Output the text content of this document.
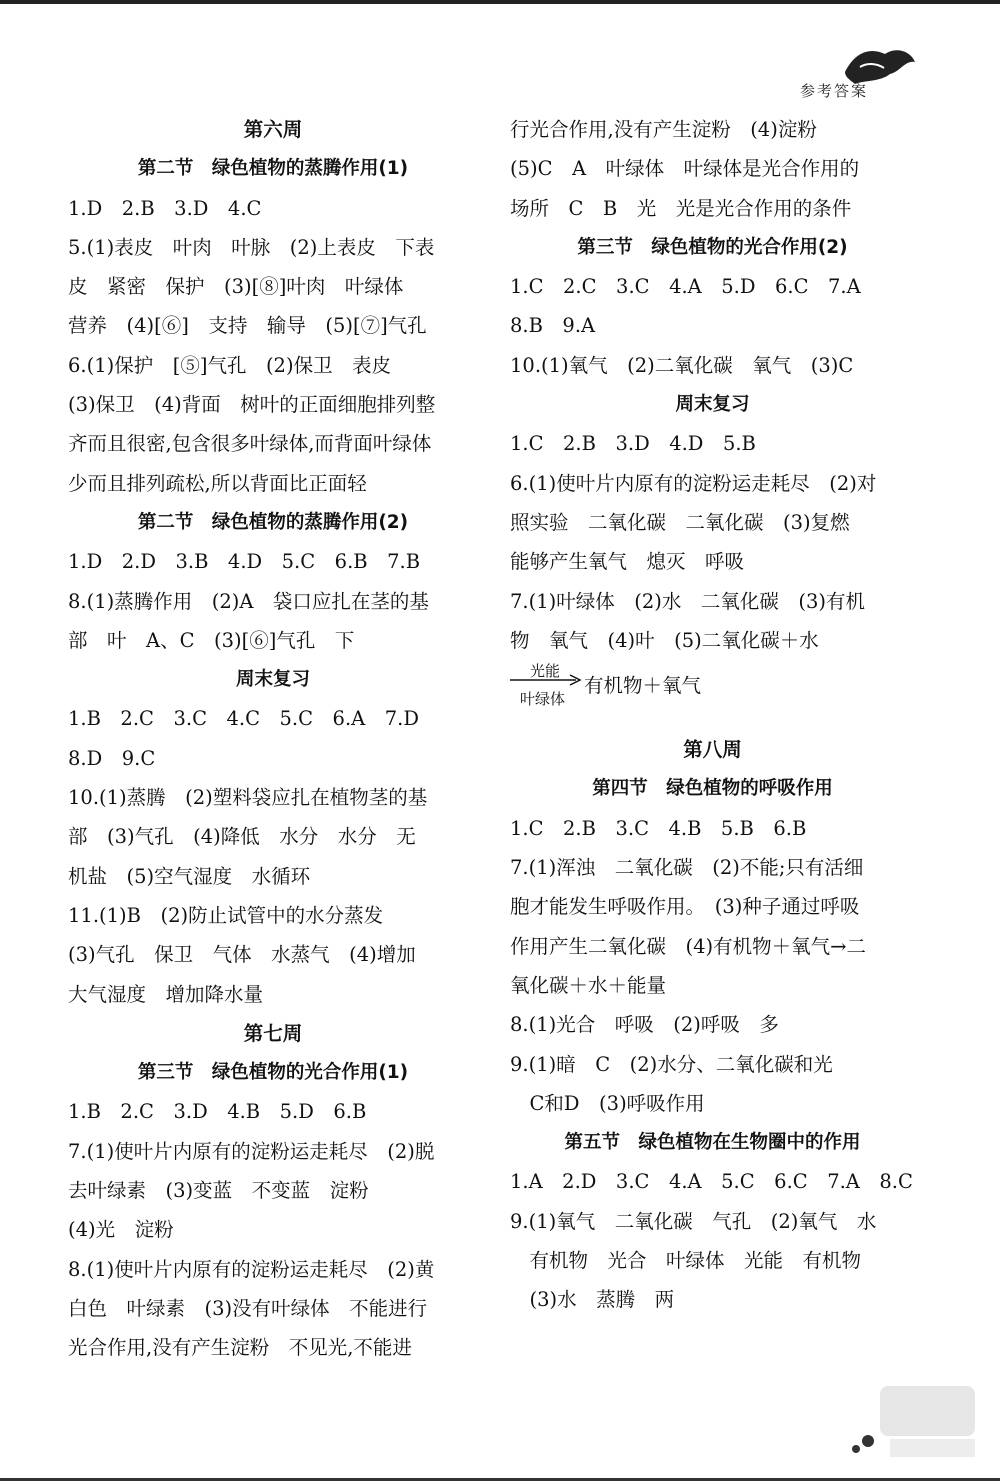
参考答案
第六周
第二节　绿色植物的蒸腾作用(1)
1.D　2.B　3.D　4.C
5.(1)表皮　叶肉　叶脉　(2)上表皮　下表
皮　紧密　保护　(3)[⑧]叶肉　叶绿体
营养　(4)[⑥]　支持　输导　(5)[⑦]气孔
6.(1)保护　[⑤]气孔　(2)保卫　表皮
(3)保卫　(4)背面　树叶的正面细胞排列整
齐而且很密,包含很多叶绿体,而背面叶绿体
少而且排列疏松,所以背面比正面轻
第二节　绿色植物的蒸腾作用(2)
1.D　2.D　3.B　4.D　5.C　6.B　7.B
8.(1)蒸腾作用　(2)A　袋口应扎在茎的基
部　叶　A、C　(3)[⑥]气孔　下
周末复习
1.B　2.C　3.C　4.C　5.C　6.A　7.D
8.D　9.C
10.(1)蒸腾　(2)塑料袋应扎在植物茎的基
部　(3)气孔　(4)降低　水分　水分　无
机盐　(5)空气湿度　水循环
11.(1)B　(2)防止试管中的水分蒸发
(3)气孔　保卫　气体　水蒸气　(4)增加
大气湿度　增加降水量
第七周
第三节　绿色植物的光合作用(1)
1.B　2.C　3.D　4.B　5.D　6.B
7.(1)使叶片内原有的淀粉运走耗尽　(2)脱
去叶绿素　(3)变蓝　不变蓝　淀粉
(4)光　淀粉
8.(1)使叶片内原有的淀粉运走耗尽　(2)黄
白色　叶绿素　(3)没有叶绿体　不能进行
光合作用,没有产生淀粉　不见光,不能进
行光合作用,没有产生淀粉　(4)淀粉
(5)C　A　叶绿体　叶绿体是光合作用的
场所　C　B　光　光是光合作用的条件
第三节　绿色植物的光合作用(2)
1.C　2.C　3.C　4.A　5.D　6.C　7.A
8.B　9.A
10.(1)氧气　(2)二氧化碳　氧气　(3)C
周末复习
1.C　2.B　3.D　4.D　5.B
6.(1)使叶片内原有的淀粉运走耗尽　(2)对
照实验　二氧化碳　二氧化碳　(3)复燃
能够产生氧气　熄灭　呼吸
7.(1)叶绿体　(2)水　二氧化碳　(3)有机
物　氧气　(4)叶　(5)二氧化碳＋水
光能
叶绿体
有机物＋氧气
第八周
第四节　绿色植物的呼吸作用
1.C　2.B　3.C　4.B　5.B　6.B
7.(1)浑浊　二氧化碳　(2)不能;只有活细
胞才能发生呼吸作用。　(3)种子通过呼吸
作用产生二氧化碳　(4)有机物＋氧气→二
氧化碳＋水＋能量
8.(1)光合　呼吸　(2)呼吸　多
9.(1)暗　C　(2)水分、二氧化碳和光
　C和D　(3)呼吸作用
第五节　绿色植物在生物圈中的作用
1.A　2.D　3.C　4.A　5.C　6.C　7.A　8.C
9.(1)氧气　二氧化碳　气孔　(2)氧气　水
　有机物　光合　叶绿体　光能　有机物
　(3)水　蒸腾　两
